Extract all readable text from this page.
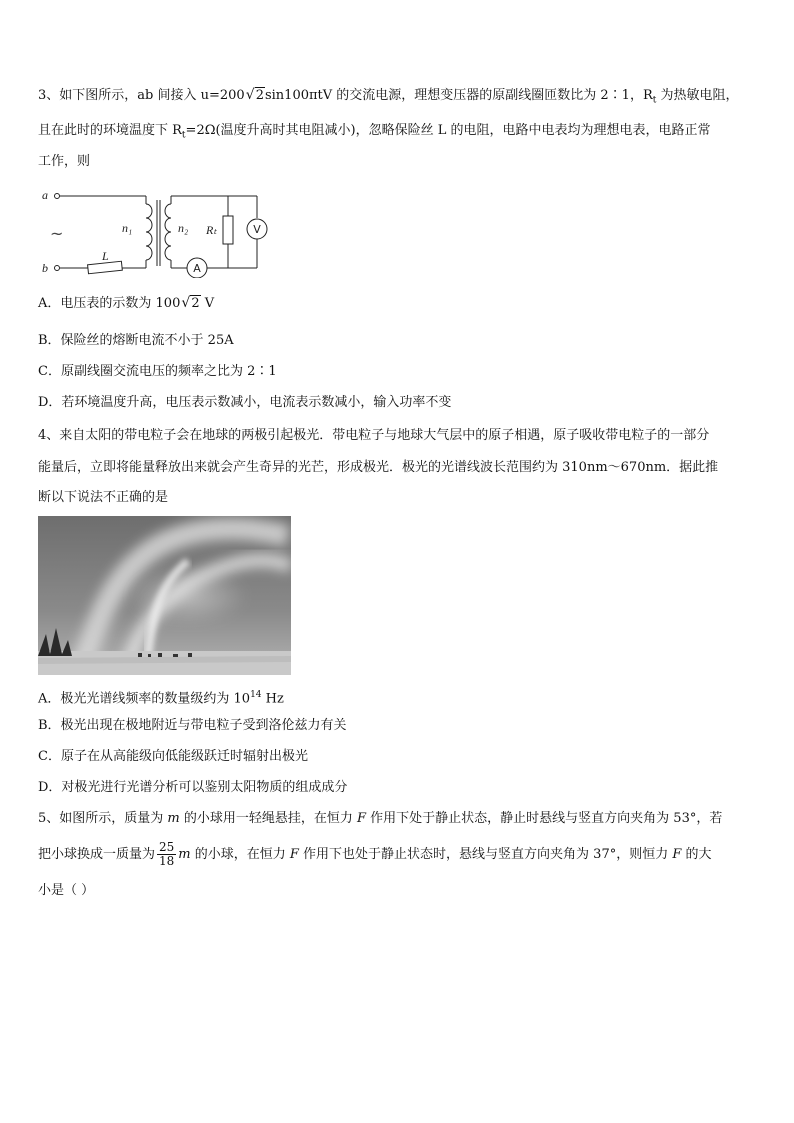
3、如下图所示，ab 间接入 u=200 √ 2sin100πtV 的交流电源，理想变压器的原副线圈匝数比为 2∶1，$R_t$ 为热敏电阻，
且在此时的环境温度下 $R_t=2\Omega$(温度升高时其电阻减小)，忽略保险丝 L 的电阻，电路中电表均为理想电表，电路正常
工作，则
a
b
n₁	n₂ Rₜ
L
~
A
V
A．电压表的示数为 100 √ 2 V
B．保险丝的熔断电流不小于 25A
C．原副线圈交流电压的频率之比为 2∶1
D．若环境温度升高，电压表示数减小，电流表示数减小，输入功率不变
4、来自太阳的带电粒子会在地球的两极引起极光．带电粒子与地球大气层中的原子相遇，原子吸收带电粒子的一部分
能量后，立即将能量释放出来就会产生奇异的光芒，形成极光．极光的光谱线波长范围约为 310nm～670nm．据此推
断以下说法不正确的是
A．极光光谱线频率的数量级约为 $10^{14}$ Hz
B．极光出现在极地附近与带电粒子受到洛伦兹力有关
C．原子在从高能级向低能级跃迁时辐射出极光
D．对极光进行光谱分析可以鉴别太阳物质的组成成分
5、如图所示，质量为 m 的小球用一轻绳悬挂，在恒力 F 作用下处于静止状态，静止时悬线与竖直方向夹角为 53°，若
把小球换成一质量为 $\frac{25}{18}$ m 的小球，在恒力 F 作用下也处于静止状态时，悬线与竖直方向夹角为 37°，则恒力 F 的大
小是（ ）
